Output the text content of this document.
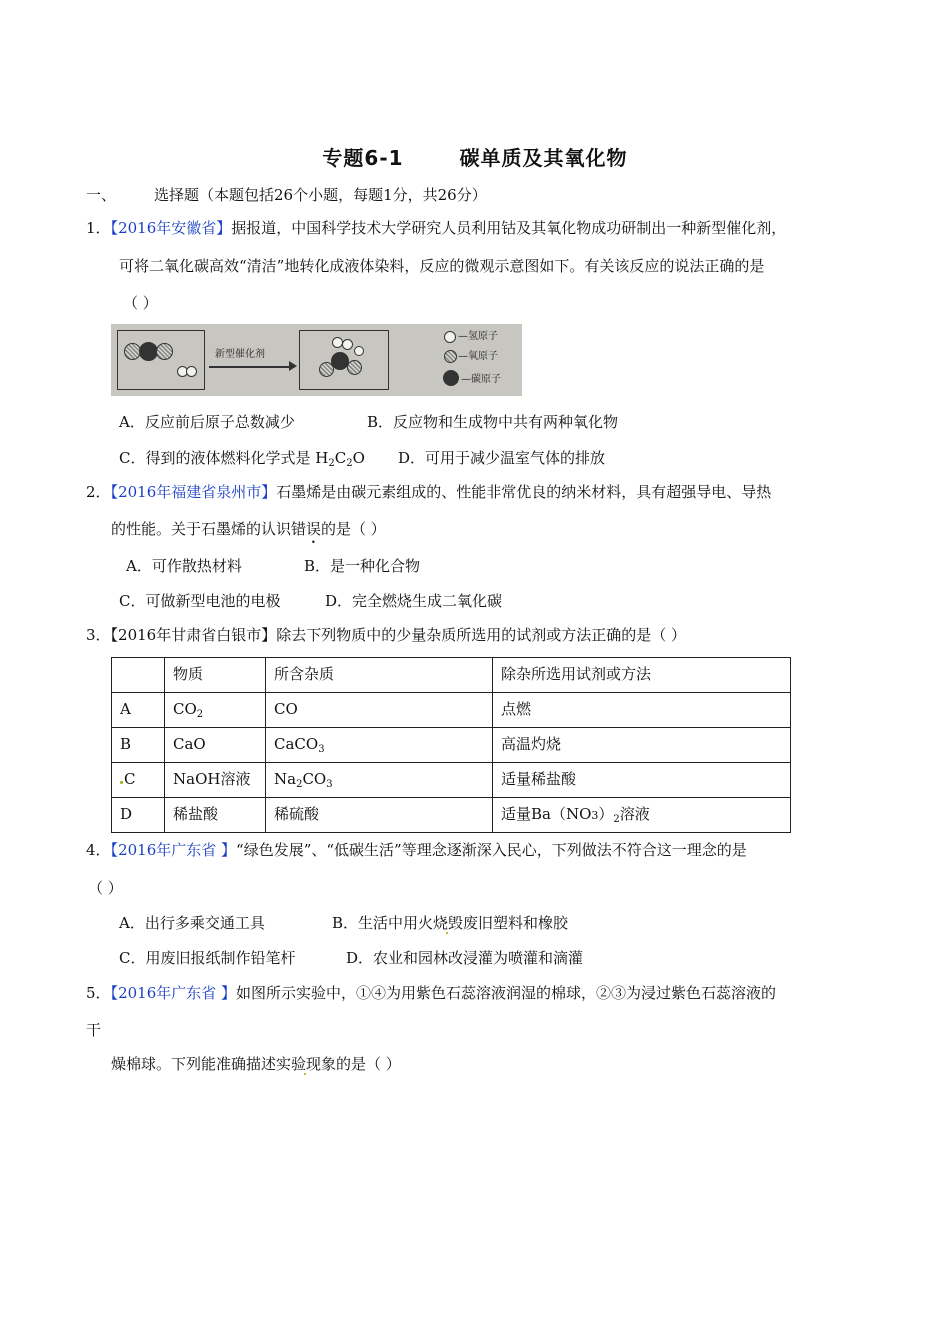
专题6-1	碳单质及其氧化物
一、	选择题（本题包括26个小题，每题1分，共26分）
1．【2016年安徽省】据报道，中国科学技术大学研究人员利用钴及其氧化物成功研制出一种新型催化剂，
可将二氧化碳高效“清洁”地转化成液体染料，反应的微观示意图如下。有关该反应的说法正确的是
（ ）
新型催化剂
—氢原子
—氧原子
—碳原子
A．反应前后原子总数减少	B．反应物和生成物中共有两种氧化物
C．得到的液体燃料化学式是 $H_2C_2O$ D．可用于减少温室气体的排放
2．【2016年福建省泉州市】石墨烯是由碳元素组成的、性能非常优良的纳米材料，具有超强导电、导热
的性能。关于石墨烯的认识错误的是（ ）
A．可作散热材料	B．是一种化合物
C．可做新型电池的电极	D．完全燃烧生成二氧化碳
3．【2016年甘肃省白银市】除去下列物质中的少量杂质所选用的试剂或方法正确的是（ ）
	物质	所含杂质	除杂所选用试剂或方法
A	$CO_2$	CO	点燃
B	CaO	CaCO$_3$	高温灼烧
C	NaOH溶液	$Na_2CO_3$	适量稀盐酸
D	稀盐酸	稀硫酸	适量$Ba(NO3)_2$溶液
4．【2016年广东省 】“绿色发展”、“低碳生活”等理念逐渐深入民心，下列做法不符合这一理念的是
（ ）
A．出行多乘交通工具	B．生活中用火烧毁废旧塑料和橡胶
C．用废旧报纸制作铅笔杆	D．农业和园林改浸灌为喷灌和滴灌
5．【2016年广东省 】如图所示实验中，①④为用紫色石蕊溶液润湿的棉球，②③为浸过紫色石蕊溶液的
干
燥棉球。下列能准确描述实验现象的是（ ）
